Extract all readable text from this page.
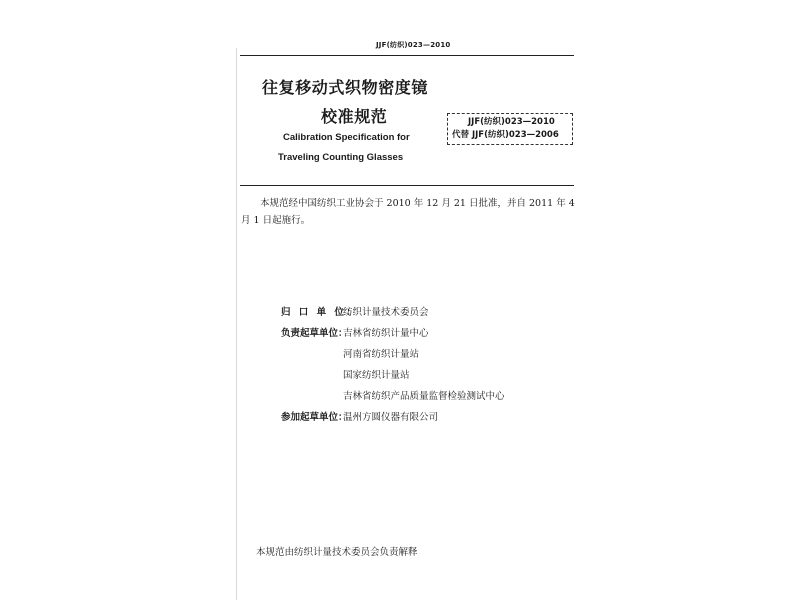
JJF(纺织)023—2010
往复移动式织物密度镜
校准规范
Calibration Specification for
Traveling Counting Glasses
JJF(纺织)023—2010
代替 JJF(纺织)023—2006
本规范经中国纺织工业协会于 2010 年 12 月 21 日批准，并自 2011 年 4 月 1 日起施行。
归 口 单 位：
纺织计量技术委员会
负责起草单位：
吉林省纺织计量中心
河南省纺织计量站
国家纺织计量站
吉林省纺织产品质量监督检验测试中心
参加起草单位：
温州方圆仪器有限公司
本规范由纺织计量技术委员会负责解释
